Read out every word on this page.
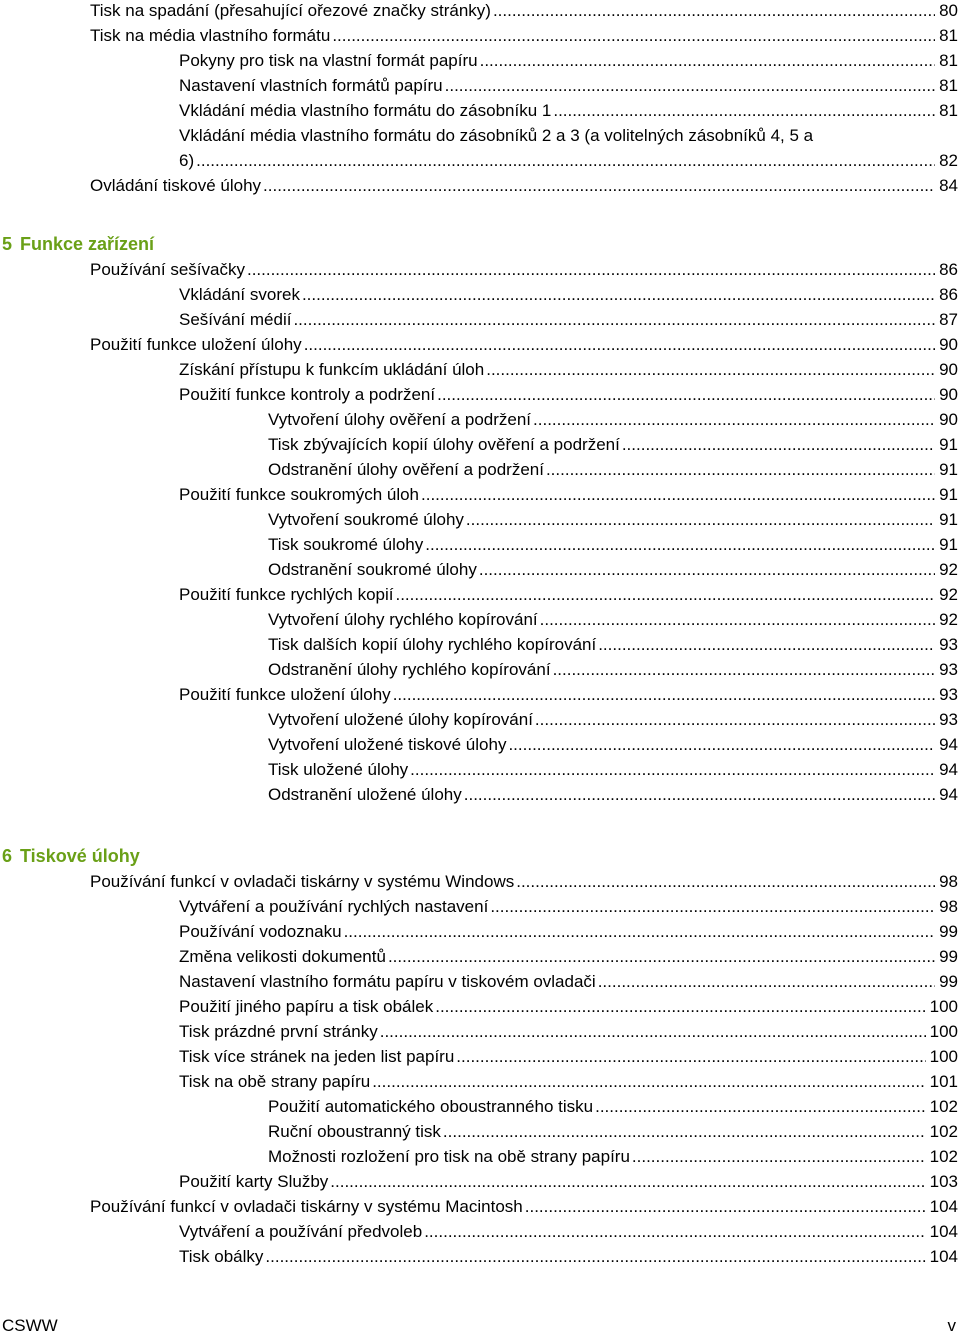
Tisk na spadání (přesahující ořezové značky stránky) .....	80
Tisk na média vlastního formátu .....	81
Pokyny pro tisk na vlastní formát papíru .....	81
Nastavení vlastních formátů papíru .....	81
Vkládání média vlastního formátu do zásobníku 1 .....	81
Vkládání média vlastního formátu do zásobníků 2 a 3 (a volitelných zásobníků 4, 5 a
6) .....	82
Ovládání tiskové úlohy .....	84
5 Funkce zařízení
Používání sešívačky .....	86
Vkládání svorek .....	86
Sešívání médií .....	87
Použití funkce uložení úlohy .....	90
Získání přístupu k funkcím ukládání úloh .....	90
Použití funkce kontroly a podržení .....	90
Vytvoření úlohy ověření a podržení .....	90
Tisk zbývajících kopií úlohy ověření a podržení .....	91
Odstranění úlohy ověření a podržení .....	91
Použití funkce soukromých úloh .....	91
Vytvoření soukromé úlohy .....	91
Tisk soukromé úlohy .....	91
Odstranění soukromé úlohy .....	92
Použití funkce rychlých kopií .....	92
Vytvoření úlohy rychlého kopírování .....	92
Tisk dalších kopií úlohy rychlého kopírování .....	93
Odstranění úlohy rychlého kopírování .....	93
Použití funkce uložení úlohy .....	93
Vytvoření uložené úlohy kopírování .....	93
Vytvoření uložené tiskové úlohy .....	94
Tisk uložené úlohy .....	94
Odstranění uložené úlohy .....	94
6 Tiskové úlohy
Používání funkcí v ovladači tiskárny v systému Windows .....	98
Vytváření a používání rychlých nastavení .....	98
Používání vodoznaku .....	99
Změna velikosti dokumentů .....	99
Nastavení vlastního formátu papíru v tiskovém ovladači .....	99
Použití jiného papíru a tisk obálek .....	100
Tisk prázdné první stránky .....	100
Tisk více stránek na jeden list papíru .....	100
Tisk na obě strany papíru .....	101
Použití automatického oboustranného tisku .....	102
Ruční oboustranný tisk .....	102
Možnosti rozložení pro tisk na obě strany papíru .....	102
Použití karty Služby .....	103
Používání funkcí v ovladači tiskárny v systému Macintosh .....	104
Vytváření a používání předvoleb .....	104
Tisk obálky .....	104
CSWW	v
